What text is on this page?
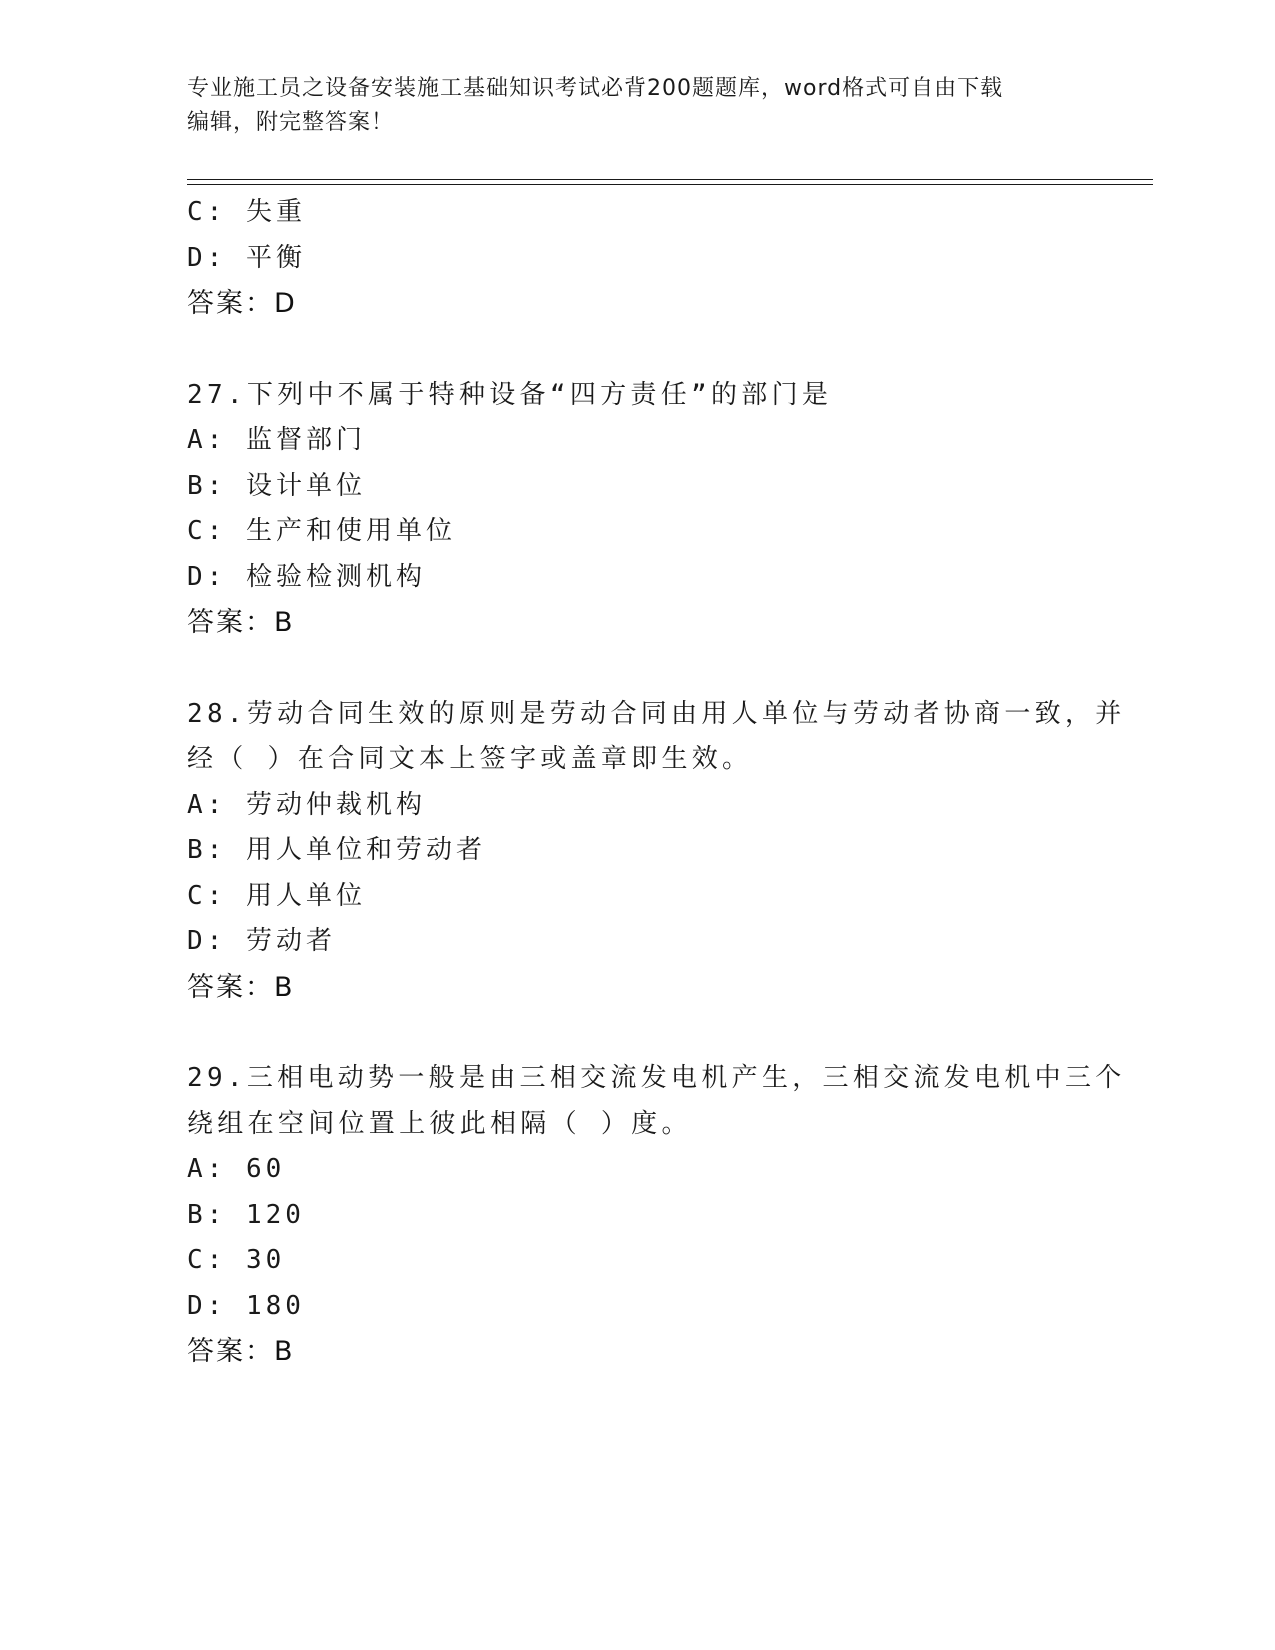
专业施工员之设备安装施工基础知识考试必背200题题库，word格式可自由下载
编辑，附完整答案！
C: 失重
D: 平衡
答案：D
27.下列中不属于特种设备“四方责任”的部门是
A: 监督部门
B: 设计单位
C: 生产和使用单位
D: 检验检测机构
答案：B
28.劳动合同生效的原则是劳动合同由用人单位与劳动者协商一致，并
经（ ）在合同文本上签字或盖章即生效。
A: 劳动仲裁机构
B: 用人单位和劳动者
C: 用人单位
D: 劳动者
答案：B
29.三相电动势一般是由三相交流发电机产生，三相交流发电机中三个
绕组在空间位置上彼此相隔（ ）度。
A: 60
B: 120
C: 30
D: 180
答案：B
